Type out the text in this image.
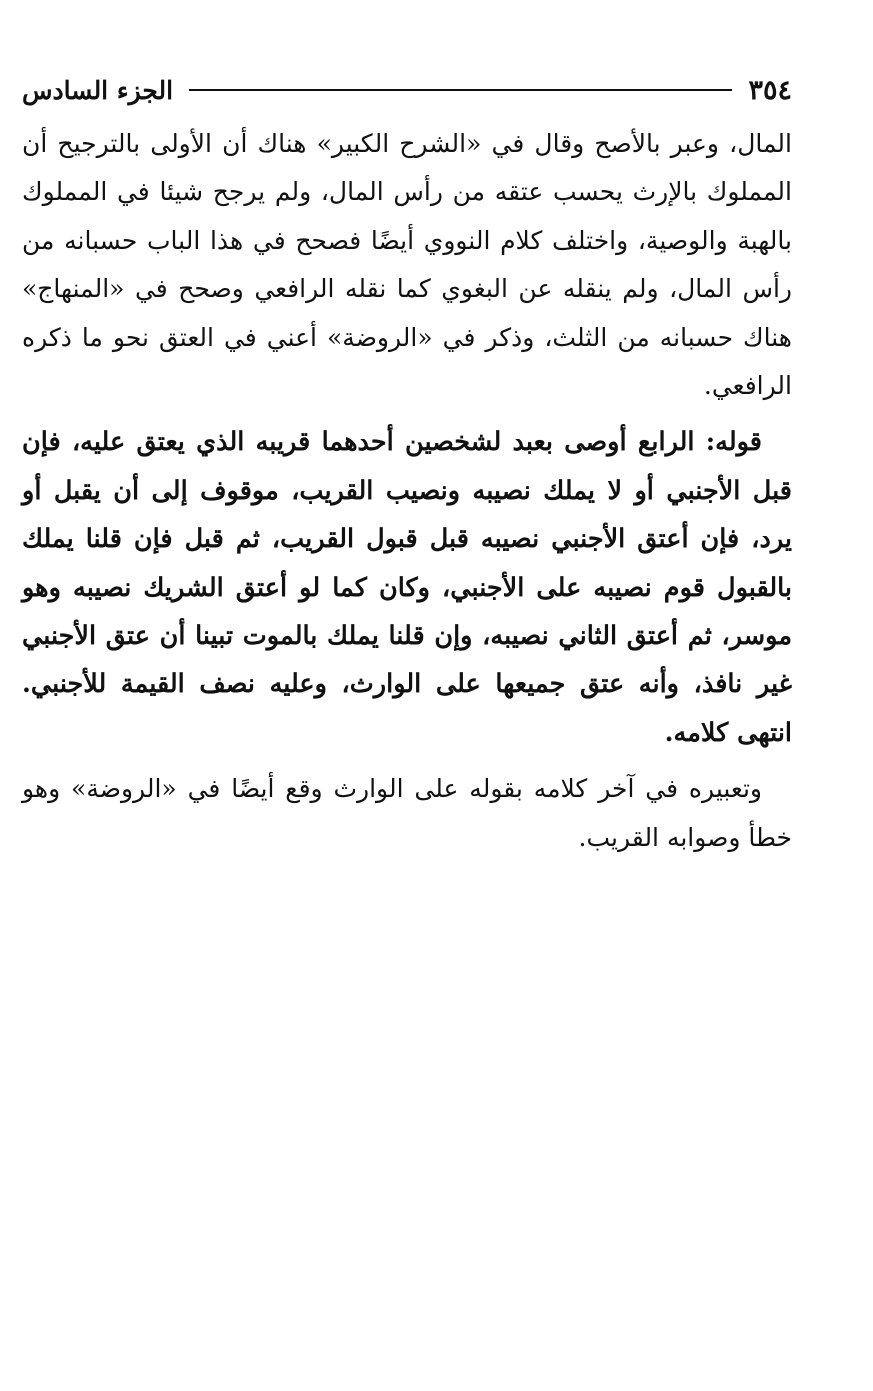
٣٥٤
الجزء السادس

المال، وعبر بالأصح وقال في «الشرح الكبير» هناك أن الأولى بالترجيح أن المملوك بالإرث يحسب عتقه من رأس المال، ولم يرجح شيئا في المملوك بالهبة والوصية، واختلف كلام النووي أيضًا فصحح في هذا الباب حسبانه من رأس المال، ولم ينقله عن البغوي كما نقله الرافعي وصحح في «المنهاج» هناك حسبانه من الثلث، وذكر في «الروضة» أعني في العتق نحو ما ذكره الرافعي.

قوله: الرابع أوصى بعبد لشخصين أحدهما قريبه الذي يعتق عليه، فإن قبل الأجنبي أو لا يملك نصيبه ونصيب القريب، موقوف إلى أن يقبل أو يرد، فإن أعتق الأجنبي نصيبه قبل قبول القريب، ثم قبل فإن قلنا يملك بالقبول قوم نصيبه على الأجنبي، وكان كما لو أعتق الشريك نصيبه وهو موسر، ثم أعتق الثاني نصيبه، وإن قلنا يملك بالموت تبينا أن عتق الأجنبي غير نافذ، وأنه عتق جميعها على الوارث، وعليه نصف القيمة للأجنبي. انتهى كلامه.

وتعبيره في آخر كلامه بقوله على الوارث وقع أيضًا في «الروضة» وهو خطأ وصوابه القريب.
